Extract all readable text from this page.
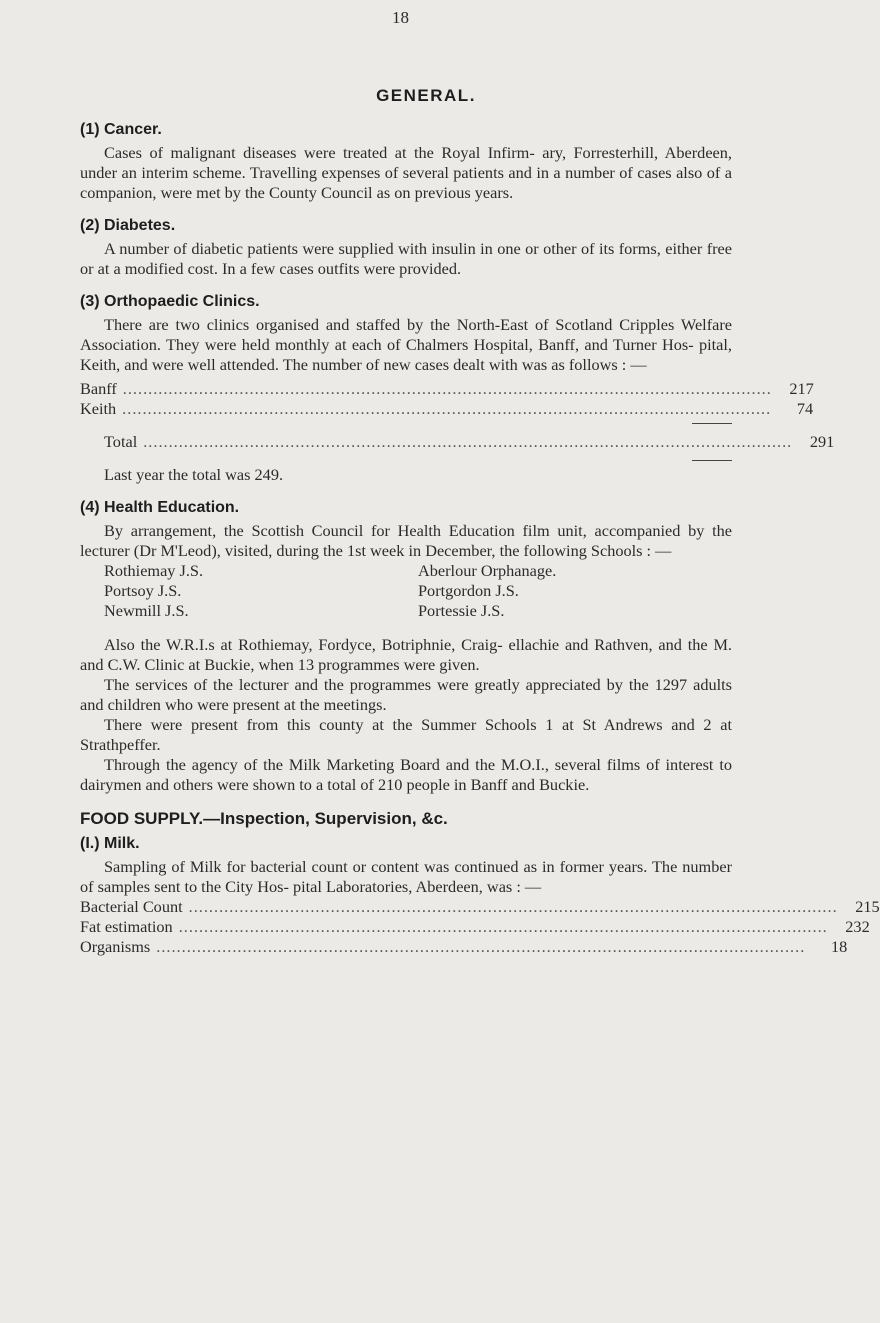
18
GENERAL.
(1) Cancer.

Cases of malignant diseases were treated at the Royal Infirm- ary, Forresterhill, Aberdeen, under an interim scheme. Travelling expenses of several patients and in a number of cases also of a companion, were met by the County Council as on previous years.

(2) Diabetes.

A number of diabetic patients were supplied with insulin in one or other of its forms, either free or at a modified cost. In a few cases outfits were provided.

(3) Orthopaedic Clinics.

There are two clinics organised and staffed by the North-East of Scotland Cripples Welfare Association. They were held monthly at each of Chalmers Hospital, Banff, and Turner Hos- pital, Keith, and were well attended. The number of new cases dealt with was as follows : —

Banff ................................................................................................................................	217
Keith ................................................................................................................................	74
Total ................................................................................................................................	291

Last year the total was 249.

(4) Health Education.

By arrangement, the Scottish Council for Health Education film unit, accompanied by the lecturer (Dr M'Leod), visited, during the 1st week in December, the following Schools : —

Rothiemay J.S.	Aberlour Orphanage.
Portsoy J.S.	Portgordon J.S.
Newmill J.S.	Portessie J.S.

Also the W.R.I.s at Rothiemay, Fordyce, Botriphnie, Craig- ellachie and Rathven, and the M. and C.W. Clinic at Buckie, when 13 programmes were given.

The services of the lecturer and the programmes were greatly appreciated by the 1297 adults and children who were present at the meetings.

There were present from this county at the Summer Schools 1 at St Andrews and 2 at Strathpeffer.

Through the agency of the Milk Marketing Board and the M.O.I., several films of interest to dairymen and others were shown to a total of 210 people in Banff and Buckie.

FOOD SUPPLY.—Inspection, Supervision, &c.
(I.) Milk.

Sampling of Milk for bacterial count or content was continued as in former years. The number of samples sent to the City Hos- pital Laboratories, Aberdeen, was : —

Bacterial Count ................................................................................................................................	215
Fat estimation ................................................................................................................................	232
Organisms ................................................................................................................................	18
